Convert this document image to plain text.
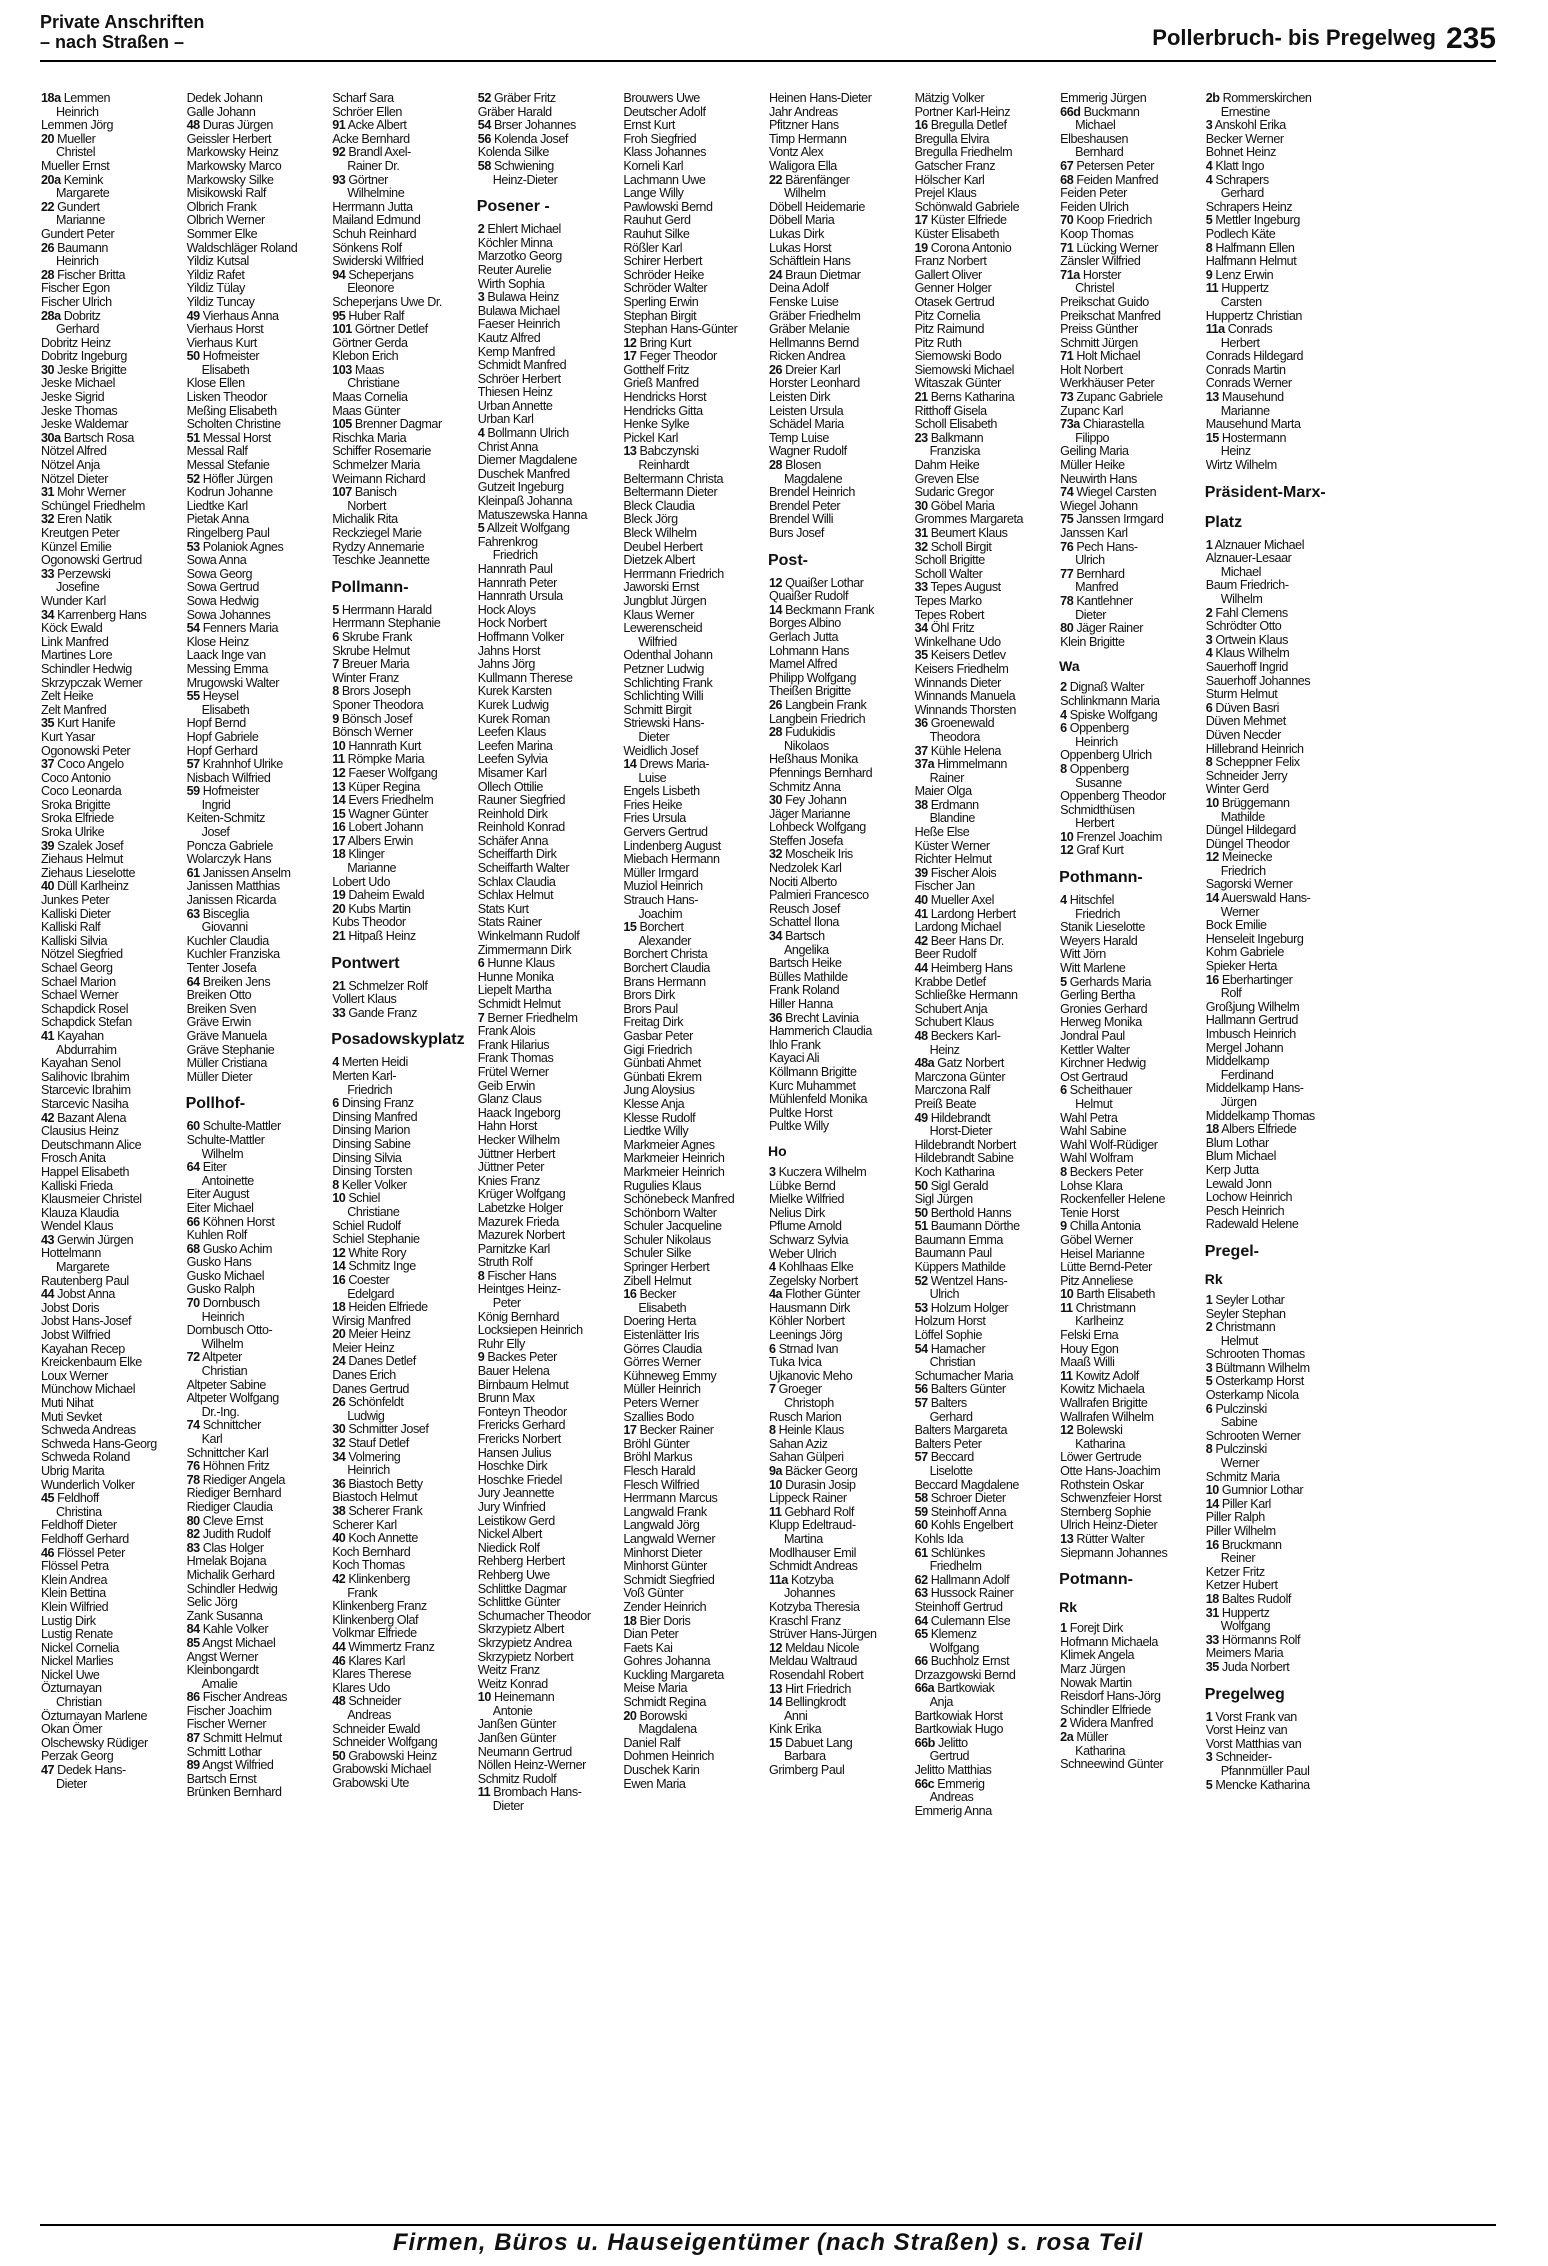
Private Anschriften
– nach Straßen –	Pollerbruch- bis Pregelweg 235
18a Lemmen
Heinrich
Lemmen Jörg
20 Mueller
Christel
Mueller Ernst
20a Kemink
Margarete
22 Gundert
Marianne
Gundert Peter
26 Baumann
Heinrich
28 Fischer Britta
Fischer Egon
Fischer Ulrich
28a Dobritz
Gerhard
Dobritz Heinz
Dobritz Ingeburg
30 Jeske Brigitte
Jeske Michael
Jeske Sigrid
Jeske Thomas
Jeske Waldemar
30a Bartsch Rosa
Nötzel Alfred
Nötzel Anja
Nötzel Dieter
31 Mohr Werner
Schüngel Friedhelm
32 Eren Natik
Kreutgen Peter
Künzel Emilie
Ogonowski Gertrud
33 Perzewski
Josefine
Wunder Karl
34 Karrenberg Hans
Köck Ewald
Link Manfred
Martines Lore
Schindler Hedwig
Skrzypczak Werner
Zelt Heike
Zelt Manfred
35 Kurt Hanife
Kurt Yasar
Ogonowski Peter
37 Coco Angelo
Coco Antonio
Coco Leonarda
Sroka Brigitte
Sroka Elfriede
Sroka Ulrike
39 Szalek Josef
Ziehaus Helmut
Ziehaus Lieselotte
40 Düll Karlheinz
Junkes Peter
Kalliski Dieter
Kalliski Ralf
Kalliski Silvia
Nötzel Siegfried
Schael Georg
Schael Marion
Schael Werner
Schapdick Rosel
Schapdick Stefan
41 Kayahan
Abdurrahim
Kayahan Senol
Salihovic Ibrahim
Starcevic Ibrahim
Starcevic Nasiha
42 Bazant Alena
Clausius Heinz
Deutschmann Alice
Frosch Anita
Happel Elisabeth
Kalliski Frieda
Klausmeier Christel
Klauza Klaudia
Wendel Klaus
43 Gerwin Jürgen
Hottelmann
Margarete
Rautenberg Paul
44 Jobst Anna
Jobst Doris
Jobst Hans-Josef
Jobst Wilfried
Kayahan Recep
Kreickenbaum Elke
Loux Werner
Münchow Michael
Muti Nihat
Muti Sevket
Schweda Andreas
Schweda Hans-Georg
Schweda Roland
Ubrig Marita
Wunderlich Volker
45 Feldhoff
Christina
Feldhoff Dieter
Feldhoff Gerhard
46 Flössel Peter
Flössel Petra
Klein Andrea
Klein Bettina
Klein Wilfried
Lustig Dirk
Lustig Renate
Nickel Cornelia
Nickel Marlies
Nickel Uwe
Özturnayan
Christian
Özturnayan Marlene
Okan Ömer
Olschewsky Rüdiger
Perzak Georg
47 Dedek Hans-
Dieter
Dedek Johann
Galle Johann
48 Duras Jürgen
Geissler Herbert
Markowsky Heinz
Markowsky Marco
Markowsky Silke
Misikowski Ralf
Olbrich Frank
Olbrich Werner
Sommer Elke
Waldschläger Roland
Yildiz Kutsal
Yildiz Rafet
Yildiz Tülay
Yildiz Tuncay
49 Vierhaus Anna
Vierhaus Horst
Vierhaus Kurt
50 Hofmeister
Elisabeth
Klose Ellen
Lisken Theodor
Meßing Elisabeth
Scholten Christine
51 Messal Horst
Messal Ralf
Messal Stefanie
52 Höfler Jürgen
Kodrun Johanne
Liedtke Karl
Pietak Anna
Ringelberg Paul
53 Polaniok Agnes
Sowa Anna
Sowa Georg
Sowa Gertrud
Sowa Hedwig
Sowa Johannes
54 Fenners Maria
Klose Heinz
Laack Inge van
Messing Emma
Mrugowski Walter
55 Heysel
Elisabeth
Hopf Bernd
Hopf Gabriele
Hopf Gerhard
57 Krahnhof Ulrike
Nisbach Wilfried
59 Hofmeister
Ingrid
Keiten-Schmitz
Josef
Poncza Gabriele
Wolarczyk Hans
61 Janissen Anselm
Janissen Matthias
Janissen Ricarda
63 Bisceglia
Giovanni
Kuchler Claudia
Kuchler Franziska
Tenter Josefa
64 Breiken Jens
Breiken Otto
Breiken Sven
Gräve Erwin
Gräve Manuela
Gräve Stephanie
Müller Cristiana
Müller Dieter
Pollhof-
60 Schulte-Mattler
Schulte-Mattler
Wilhelm
64 Eiter
Antoinette
Eiter August
Eiter Michael
66 Köhnen Horst
Kuhlen Rolf
68 Gusko Achim
Gusko Hans
Gusko Michael
Gusko Ralph
70 Dornbusch
Heinrich
Dornbusch Otto-
Wilhelm
72 Altpeter
Christian
Altpeter Sabine
Altpeter Wolfgang
Dr.-Ing.
74 Schnittcher
Karl
Schnittcher Karl
76 Höhnen Fritz
78 Riediger Angela
Riediger Bernhard
Riediger Claudia
80 Cleve Ernst
82 Judith Rudolf
83 Clas Holger
Hmelak Bojana
Michalik Gerhard
Schindler Hedwig
Selic Jörg
Zank Susanna
84 Kahle Volker
85 Angst Michael
Angst Werner
Kleinbongardt
Amalie
86 Fischer Andreas
Fischer Joachim
Fischer Werner
87 Schmitt Helmut
Schmitt Lothar
89 Angst Wilfried
Bartsch Ernst
Brünken Bernhard
Scharf Sara
Schröer Ellen
91 Acke Albert
Acke Bernhard
92 Brandl Axel-
Rainer Dr.
93 Görtner
Wilhelmine
Herrmann Jutta
Mailand Edmund
Schuh Reinhard
Sönkens Rolf
Swiderski Wilfried
94 Scheperjans
Eleonore
Scheperjans Uwe Dr.
95 Huber Ralf
101 Görtner Detlef
Görtner Gerda
Klebon Erich
103 Maas
Christiane
Maas Cornelia
Maas Günter
105 Brenner Dagmar
Rischka Maria
Schiffer Rosemarie
Schmelzer Maria
Weimann Richard
107 Banisch
Norbert
Michalik Rita
Reckziegel Marie
Rydzy Annemarie
Teschke Jeannette
Pollmann-
5 Herrmann Harald
Herrmann Stephanie
6 Skrube Frank
Skrube Helmut
7 Breuer Maria
Winter Franz
8 Brors Joseph
Sponer Theodora
9 Bönsch Josef
Bönsch Werner
10 Hannrath Kurt
11 Römpke Maria
12 Faeser Wolfgang
13 Küper Regina
14 Evers Friedhelm
15 Wagner Günter
16 Lobert Johann
17 Albers Erwin
18 Klinger
Marianne
Lobert Udo
19 Daheim Ewald
20 Kubs Martin
Kubs Theodor
21 Hitpaß Heinz
Pontwert
21 Schmelzer Rolf
Vollert Klaus
33 Gande Franz
Posadowskyplatz
4 Merten Heidi
Merten Karl-
Friedrich
6 Dinsing Franz
Dinsing Manfred
Dinsing Marion
Dinsing Sabine
Dinsing Silvia
Dinsing Torsten
8 Keller Volker
10 Schiel
Christiane
Schiel Rudolf
Schiel Stephanie
12 White Rory
14 Schmitz Inge
16 Coester
Edelgard
18 Heiden Elfriede
Wirsig Manfred
20 Meier Heinz
Meier Heinz
24 Danes Detlef
Danes Erich
Danes Gertrud
26 Schönfeldt
Ludwig
30 Schmitter Josef
32 Stauf Detlef
34 Volmering
Heinrich
36 Biastoch Betty
Biastoch Helmut
38 Scherer Frank
Scherer Karl
40 Koch Annette
Koch Bernhard
Koch Thomas
42 Klinkenberg
Frank
Klinkenberg Franz
Klinkenberg Olaf
Volkmar Elfriede
44 Wimmertz Franz
46 Klares Karl
Klares Therese
Klares Udo
48 Schneider
Andreas
Schneider Ewald
Schneider Wolfgang
50 Grabowski Heinz
Grabowski Michael
Grabowski Ute
52 Gräber Fritz
Gräber Harald
54 Brser Johannes
56 Kolenda Josef
Kolenda Silke
58 Schwiening
Heinz-Dieter
Posener -
2 Ehlert Michael
Köchler Minna
Marzotko Georg
Reuter Aurelie
Wirth Sophia
3 Bulawa Heinz
Bulawa Michael
Faeser Heinrich
Kautz Alfred
Kemp Manfred
Schmidt Manfred
Schröer Herbert
Thiesen Heinz
Urban Annette
Urban Karl
4 Bollmann Ulrich
Christ Anna
Diemer Magdalene
Duschek Manfred
Gutzeit Ingeburg
Kleinpaß Johanna
Matuszewska Hanna
5 Allzeit Wolfgang
Fahrenkrog
Friedrich
Hannrath Paul
Hannrath Peter
Hannrath Ursula
Hock Aloys
Hock Norbert
Hoffmann Volker
Jahns Horst
Jahns Jörg
Kullmann Therese
Kurek Karsten
Kurek Ludwig
Kurek Roman
Leefen Klaus
Leefen Marina
Leefen Sylvia
Misamer Karl
Ollech Ottilie
Rauner Siegfried
Reinhold Dirk
Reinhold Konrad
Schäfer Anna
Scheiffarth Dirk
Scheiffarth Walter
Schlax Claudia
Schlax Helmut
Stats Kurt
Stats Rainer
Winkelmann Rudolf
Zimmermann Dirk
6 Hunne Klaus
Hunne Monika
Liepelt Martha
Schmidt Helmut
7 Berner Friedhelm
Frank Alois
Frank Hilarius
Frank Thomas
Frütel Werner
Geib Erwin
Glanz Claus
Haack Ingeborg
Hahn Horst
Hecker Wilhelm
Jüttner Herbert
Jüttner Peter
Knies Franz
Krüger Wolfgang
Labetzke Holger
Mazurek Frieda
Mazurek Norbert
Parnitzke Karl
Struth Rolf
8 Fischer Hans
Heintges Heinz-
Peter
König Bernhard
Locksiepen Heinrich
Ruhr Elly
9 Backes Peter
Bauer Helena
Birnbaum Helmut
Brunn Max
Fonteyn Theodor
Frericks Gerhard
Frericks Norbert
Hansen Julius
Hoschke Dirk
Hoschke Friedel
Jury Jeannette
Jury Winfried
Leistikow Gerd
Nickel Albert
Niedick Rolf
Rehberg Herbert
Rehberg Uwe
Schlittke Dagmar
Schlittke Günter
Schumacher Theodor
Skrzypietz Albert
Skrzypietz Andrea
Skrzypietz Norbert
Weitz Franz
Weitz Konrad
10 Heinemann
Antonie
Janßen Günter
Janßen Günter
Neumann Gertrud
Nöllen Heinz-Werner
Schmitz Rudolf
11 Brombach Hans-
Dieter
Brouwers Uwe
Deutscher Adolf
Ernst Kurt
Froh Siegfried
Klass Johannes
Korneli Karl
Lachmann Uwe
Lange Willy
Pawlowski Bernd
Rauhut Gerd
Rauhut Silke
Rößler Karl
Schirer Herbert
Schröder Heike
Schröder Walter
Sperling Erwin
Stephan Birgit
Stephan Hans-Günter
12 Bring Kurt
17 Feger Theodor
Gotthelf Fritz
Grieß Manfred
Hendricks Horst
Hendricks Gitta
Henke Sylke
Pickel Karl
13 Babczynski
Reinhardt
Beltermann Christa
Beltermann Dieter
Bleck Claudia
Bleck Jörg
Bleck Wilhelm
Deubel Herbert
Dietzek Albert
Herrmann Friedrich
Jaworski Ernst
Jungblut Jürgen
Klaus Werner
Lewerenscheid
Wilfried
Odenthal Johann
Petzner Ludwig
Schlichting Frank
Schlichting Willi
Schmitt Birgit
Striewski Hans-
Dieter
Weidlich Josef
14 Drews Maria-
Luise
Engels Lisbeth
Fries Heike
Fries Ursula
Gervers Gertrud
Lindenberg August
Miebach Hermann
Müller Irmgard
Muziol Heinrich
Strauch Hans-
Joachim
15 Borchert
Alexander
Borchert Christa
Borchert Claudia
Brans Hermann
Brors Dirk
Brors Paul
Freitag Dirk
Gasbar Peter
Gigi Friedrich
Günbati Ahmet
Günbati Ekrem
Jung Aloysius
Klesse Anja
Klesse Rudolf
Liedtke Willy
Markmeier Agnes
Markmeier Heinrich
Markmeier Heinrich
Rugulies Klaus
Schönebeck Manfred
Schönborn Walter
Schuler Jacqueline
Schuler Nikolaus
Schuler Silke
Springer Herbert
Zibell Helmut
16 Becker
Elisabeth
Doering Herta
Eistenlätter Iris
Görres Claudia
Görres Werner
Kühneweg Emmy
Müller Heinrich
Peters Werner
Szallies Bodo
17 Becker Rainer
Bröhl Günter
Bröhl Markus
Flesch Harald
Flesch Wilfried
Herrmann Marcus
Langwald Frank
Langwald Jörg
Langwald Werner
Minhorst Dieter
Minhorst Günter
Schmidt Siegfried
Voß Günter
Zender Heinrich
18 Bier Doris
Dian Peter
Faets Kai
Gohres Johanna
Kuckling Margareta
Meise Maria
Schmidt Regina
20 Borowski
Magdalena
Daniel Ralf
Dohmen Heinrich
Duschek Karin
Ewen Maria
Heinen Hans-Dieter
Jahr Andreas
Pfitzner Hans
Timp Hermann
Vontz Alex
Waligora Ella
22 Bärenfänger
Wilhelm
Döbell Heidemarie
Döbell Maria
Lukas Dirk
Lukas Horst
Schäftlein Hans
24 Braun Dietmar
Deina Adolf
Fenske Luise
Gräber Friedhelm
Gräber Melanie
Hellmanns Bernd
Ricken Andrea
26 Dreier Karl
Horster Leonhard
Leisten Dirk
Leisten Ursula
Schädel Maria
Temp Luise
Wagner Rudolf
28 Blosen
Magdalene
Brendel Heinrich
Brendel Peter
Brendel Willi
Burs Josef
Post-
12 Quaißer Lothar
Quaißer Rudolf
14 Beckmann Frank
Borges Albino
Gerlach Jutta
Lohmann Hans
Mamel Alfred
Philipp Wolfgang
Theißen Brigitte
26 Langbein Frank
Langbein Friedrich
28 Fudukidis
Nikolaos
Heßhaus Monika
Pfennings Bernhard
Schmitz Anna
30 Fey Johann
Jäger Marianne
Lohbeck Wolfgang
Steffen Josefa
32 Moscheik Iris
Nedzolek Karl
Nociti Alberto
Palmieri Francesco
Reusch Josef
Schattel Ilona
34 Bartsch
Angelika
Bartsch Heike
Bülles Mathilde
Frank Roland
Hiller Hanna
36 Brecht Lavinia
Hammerich Claudia
Ihlo Frank
Kayaci Ali
Köllmann Brigitte
Kurc Muhammet
Mühlenfeld Monika
Pultke Horst
Pultke Willy
Ho
3 Kuczera Wilhelm
Lübke Bernd
Mielke Wilfried
Nelius Dirk
Pflume Arnold
Schwarz Sylvia
Weber Ulrich
4 Kohlhaas Elke
Zegelsky Norbert
4a Flother Günter
Hausmann Dirk
Köhler Norbert
Leenings Jörg
6 Strnad Ivan
Tuka Ivica
Ujkanovic Meho
7 Groeger
Christoph
Rusch Marion
8 Heinle Klaus
Sahan Aziz
Sahan Gülperi
9a Bäcker Georg
10 Durasin Josip
Lippeck Rainer
11 Gebhard Rolf
Klupp Edeltraud-
Martina
Modlhauser Emil
Schmidt Andreas
11a Kotzyba
Johannes
Kotzyba Theresia
Kraschl Franz
Strüver Hans-Jürgen
12 Meldau Nicole
Meldau Waltraud
Rosendahl Robert
13 Hirt Friedrich
14 Bellingkrodt
Anni
Kink Erika
15 Dabuet Lang
Barbara
Grimberg Paul
Mätzig Volker
Portner Karl-Heinz
16 Bregulla Detlef
Bregulla Elvira
Bregulla Friedhelm
Gatscher Franz
Hölscher Karl
Prejel Klaus
Schönwald Gabriele
17 Küster Elfriede
Küster Elisabeth
19 Corona Antonio
Franz Norbert
Gallert Oliver
Genner Holger
Otasek Gertrud
Pitz Cornelia
Pitz Raimund
Pitz Ruth
Siemowski Bodo
Siemowski Michael
Witaszak Günter
21 Berns Katharina
Ritthoff Gisela
Scholl Elisabeth
23 Balkmann
Franziska
Dahm Heike
Greven Else
Sudaric Gregor
30 Göbel Maria
Grommes Margareta
31 Beumert Klaus
32 Scholl Birgit
Scholl Brigitte
Scholl Walter
33 Tepes August
Tepes Marko
Tepes Robert
34 Öhl Fritz
Winkelhane Udo
35 Keisers Detlev
Keisers Friedhelm
Winnands Dieter
Winnands Manuela
Winnands Thorsten
36 Groenewald
Theodora
37 Kühle Helena
37a Himmelmann
Rainer
Maier Olga
38 Erdmann
Blandine
Heße Else
Küster Werner
Richter Helmut
39 Fischer Alois
Fischer Jan
40 Mueller Axel
41 Lardong Herbert
Lardong Michael
42 Beer Hans Dr.
Beer Rudolf
44 Heimberg Hans
Krabbe Detlef
Schließke Hermann
Schubert Anja
Schubert Klaus
48 Beckers Karl-
Heinz
48a Gatz Norbert
Marczona Günter
Marczona Ralf
Preiß Beate
49 Hildebrandt
Horst-Dieter
Hildebrandt Norbert
Hildebrandt Sabine
Koch Katharina
50 Sigl Gerald
Sigl Jürgen
50 Berthold Hanns
51 Baumann Dörthe
Baumann Emma
Baumann Paul
Küppers Mathilde
52 Wentzel Hans-
Ulrich
53 Holzum Holger
Holzum Horst
Löffel Sophie
54 Hamacher
Christian
Schumacher Maria
56 Balters Günter
57 Balters
Gerhard
Balters Margareta
Balters Peter
57 Beccard
Liselotte
Beccard Magdalene
58 Schroer Dieter
59 Steinhoff Anna
60 Kohls Engelbert
Kohls Ida
61 Schlünkes
Friedhelm
62 Hallmann Adolf
63 Hussock Rainer
Steinhoff Gertrud
64 Culemann Else
65 Klemenz
Wolfgang
66 Buchholz Ernst
Drzazgowski Bernd
66a Bartkowiak
Anja
Bartkowiak Horst
Bartkowiak Hugo
66b Jelitto
Gertrud
Jelitto Matthias
66c Emmerig
Andreas
Emmerig Anna
Emmerig Jürgen
66d Buckmann
Michael
Elbeshausen
Bernhard
67 Petersen Peter
68 Feiden Manfred
Feiden Peter
Feiden Ulrich
70 Koop Friedrich
Koop Thomas
71 Lücking Werner
Zänsler Wilfried
71a Horster
Christel
Preikschat Guido
Preikschat Manfred
Preiss Günther
Schmitt Jürgen
71 Holt Michael
Holt Norbert
Werkhäuser Peter
73 Zupanc Gabriele
Zupanc Karl
73a Chiarastella
Filippo
Geiling Maria
Müller Heike
Neuwirth Hans
74 Wiegel Carsten
Wiegel Johann
75 Janssen Irmgard
Janssen Karl
76 Pech Hans-
Ulrich
77 Bernhard
Manfred
78 Kantlehner
Dieter
80 Jäger Rainer
Klein Brigitte
Wa
2 Dignaß Walter
Schlinkmann Maria
4 Spiske Wolfgang
6 Oppenberg
Heinrich
Oppenberg Ulrich
8 Oppenberg
Susanne
Oppenberg Theodor
Schmidthüsen
Herbert
10 Frenzel Joachim
12 Graf Kurt
Pothmann-
4 Hitschfel
Friedrich
Stanik Lieselotte
Weyers Harald
Witt Jörn
Witt Marlene
5 Gerhards Maria
Gerling Bertha
Gronies Gerhard
Herweg Monika
Jondral Paul
Kettler Walter
Kirchner Hedwig
Ost Gertraud
6 Scheithauer
Helmut
Wahl Petra
Wahl Sabine
Wahl Wolf-Rüdiger
Wahl Wolfram
8 Beckers Peter
Lohse Klara
Rockenfeller Helene
Tenie Horst
9 Chilla Antonia
Göbel Werner
Heisel Marianne
Lütte Bernd-Peter
Pitz Anneliese
10 Barth Elisabeth
11 Christmann
Karlheinz
Felski Erna
Houy Egon
Maaß Willi
11 Kowitz Adolf
Kowitz Michaela
Wallrafen Brigitte
Wallrafen Wilhelm
12 Bolewski
Katharina
Löwer Gertrude
Otte Hans-Joachim
Rothstein Oskar
Schwenzfeier Horst
Sternberg Sophie
Ulrich Heinz-Dieter
13 Rütter Walter
Siepmann Johannes
Potmann-
Rk
1 Forejt Dirk
Hofmann Michaela
Klimek Angela
Marz Jürgen
Nowak Martin
Reisdorf Hans-Jörg
Schindler Elfriede
2 Widera Manfred
2a Müller
Katharina
Schneewind Günter
2b Rommerskirchen
Ernestine
3 Anskohl Erika
Becker Werner
Bohnet Heinz
4 Klatt Ingo
4 Schrapers
Gerhard
Schrapers Heinz
5 Mettler Ingeburg
Podlech Käte
8 Halfmann Ellen
Halfmann Helmut
9 Lenz Erwin
11 Huppertz
Carsten
Huppertz Christian
11a Conrads
Herbert
Conrads Hildegard
Conrads Martin
Conrads Werner
13 Mausehund
Marianne
Mausehund Marta
15 Hostermann
Heinz
Wirtz Wilhelm
Präsident-Marx-
Platz
1 Alznauer Michael
Alznauer-Lesaar
Michael
Baum Friedrich-
Wilhelm
2 Fahl Clemens
Schrödter Otto
3 Ortwein Klaus
4 Klaus Wilhelm
Sauerhoff Ingrid
Sauerhoff Johannes
Sturm Helmut
6 Düven Basri
Düven Mehmet
Düven Necder
Hillebrand Heinrich
8 Scheppner Felix
Schneider Jerry
Winter Gerd
10 Brüggemann
Mathilde
Düngel Hildegard
Düngel Theodor
12 Meinecke
Friedrich
Sagorski Werner
14 Auerswald Hans-
Werner
Bock Emilie
Henseleit Ingeburg
Kohm Gabriele
Spieker Herta
16 Eberhartinger
Rolf
Großjung Wilhelm
Hallmann Gertrud
Imbusch Heinrich
Mergel Johann
Middelkamp
Ferdinand
Middelkamp Hans-
Jürgen
Middelkamp Thomas
18 Albers Elfriede
Blum Lothar
Blum Michael
Kerp Jutta
Lewald Jonn
Lochow Heinrich
Pesch Heinrich
Radewald Helene
Pregel-
Rk
1 Seyler Lothar
Seyler Stephan
2 Christmann
Helmut
Schrooten Thomas
3 Bültmann Wilhelm
5 Osterkamp Horst
Osterkamp Nicola
6 Pulczinski
Sabine
Schrooten Werner
8 Pulczinski
Werner
Schmitz Maria
10 Gumnior Lothar
14 Piller Karl
Piller Ralph
Piller Wilhelm
16 Bruckmann
Reiner
Ketzer Fritz
Ketzer Hubert
18 Baltes Rudolf
31 Huppertz
Wolfgang
33 Hörmanns Rolf
Meimers Maria
35 Juda Norbert
Pregelweg
1 Vorst Frank van
Vorst Heinz van
Vorst Matthias van
3 Schneider-
Pfannmüller Paul
5 Mencke Katharina
Firmen, Büros u. Hauseigentümer (nach Straßen) s. rosa Teil
